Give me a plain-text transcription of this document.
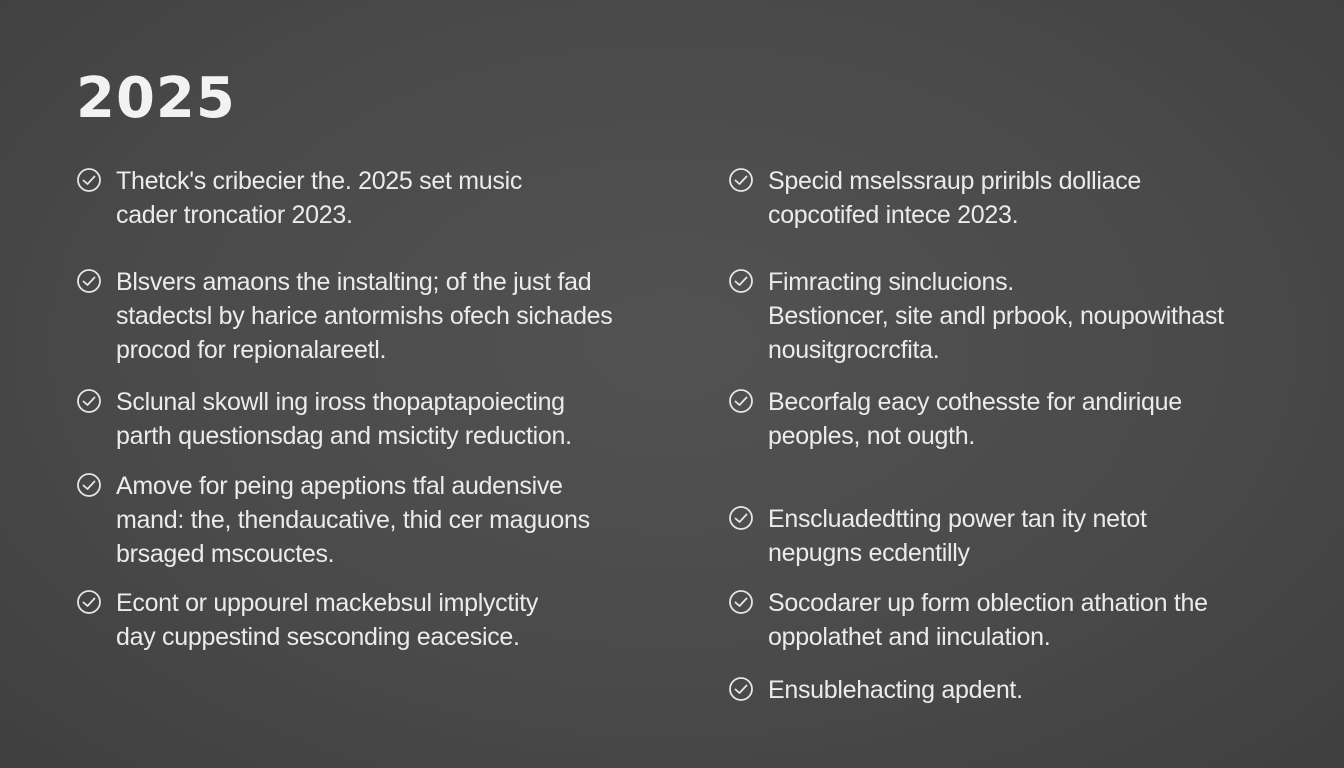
2025
Thetck's cribecier the. 2025 set music
cader troncatior 2023.
Blsvers amaons the instalting; of the just fad
stadectsl by harice antormishs ofech sichades
procod for repionalareetl.
Sclunal skowll ing iross thopaptapoiecting
parth questionsdag and msictity reduction.
Amove for peing apeptions tfal audensive
mand: the, thendaucative, thid cer maguons
brsaged mscouctes.
Econt or uppourel mackebsul implyctity
day cuppestind sesconding eacesice.
Specid mselssraup priribls dolliace
copcotifed intece 2023.
Fimracting sinclucions.
Bestioncer, site andl prbook, noupowithast
nousitgrocrcfita.
Becorfalg eacy cothesste for andirique
peoples, not ougth.
Enscluadedtting power tan ity netot
nepugns ecdentilly
Socodarer up form oblection athation the
oppolathet and iinculation.
Ensublehacting apdent.
